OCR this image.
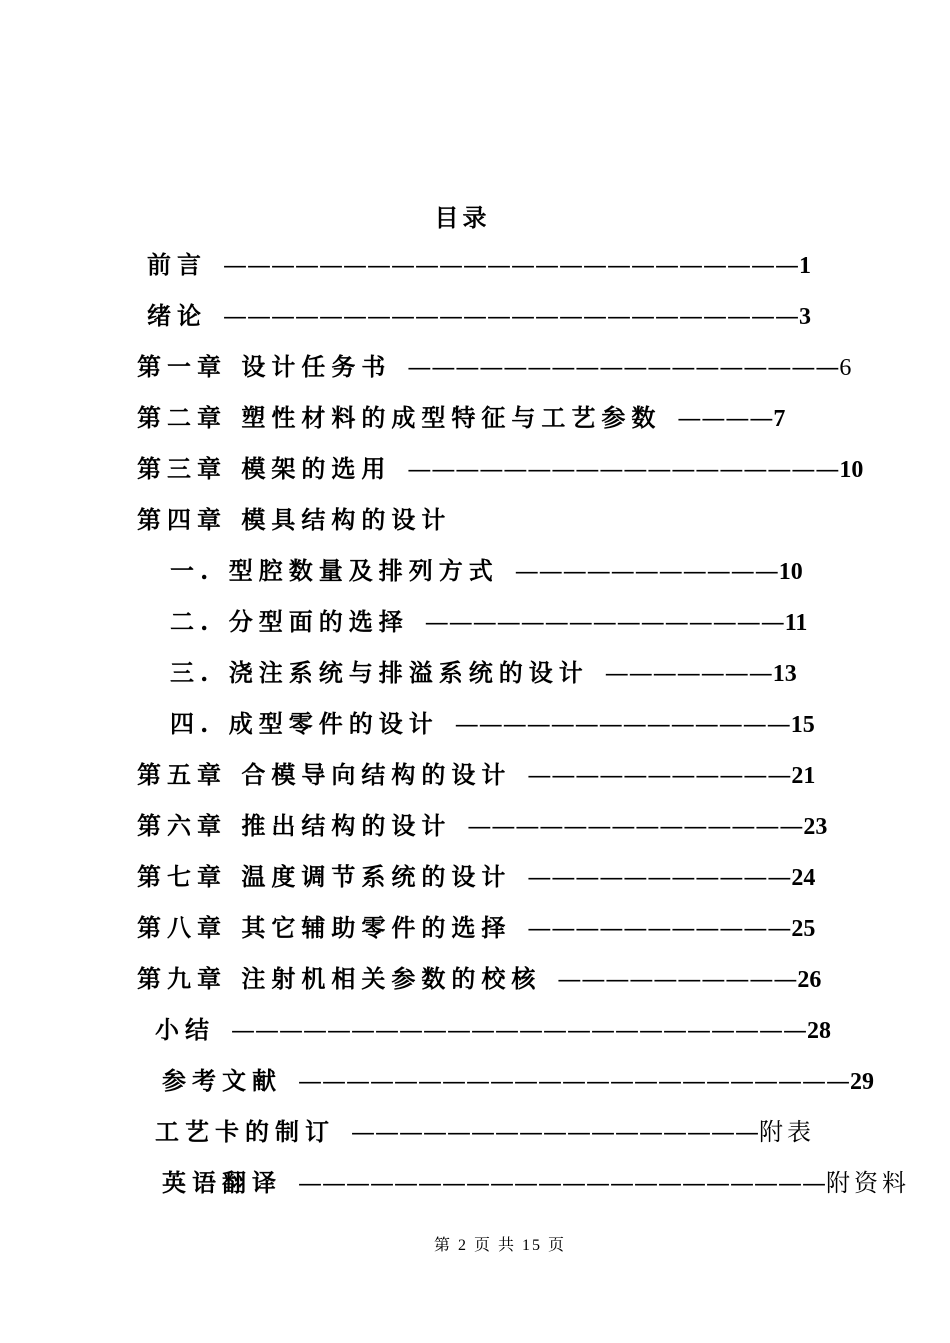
目录
前言  ————————————————————————1
绪论  ————————————————————————3
第一章 设计任务书  ——————————————————6
第二章 塑性材料的成型特征与工艺参数  ————7
第三章 模架的选用  ——————————————————10
第四章 模具结构的设计
一. 型腔数量及排列方式  ———————————10
二. 分型面的选择  ———————————————11
三. 浇注系统与排溢系统的设计  ———————13
四. 成型零件的设计  ——————————————15
第五章 合模导向结构的设计  ———————————21
第六章 推出结构的设计  ——————————————23
第七章 温度调节系统的设计  ———————————24
第八章 其它辅助零件的选择  ———————————25
第九章 注射机相关参数的校核  ——————————26
小结  ————————————————————————28
参考文献  ———————————————————————29
工艺卡的制订  —————————————————附表
英语翻译  ——————————————————————附资料
第 2 页 共 15 页
